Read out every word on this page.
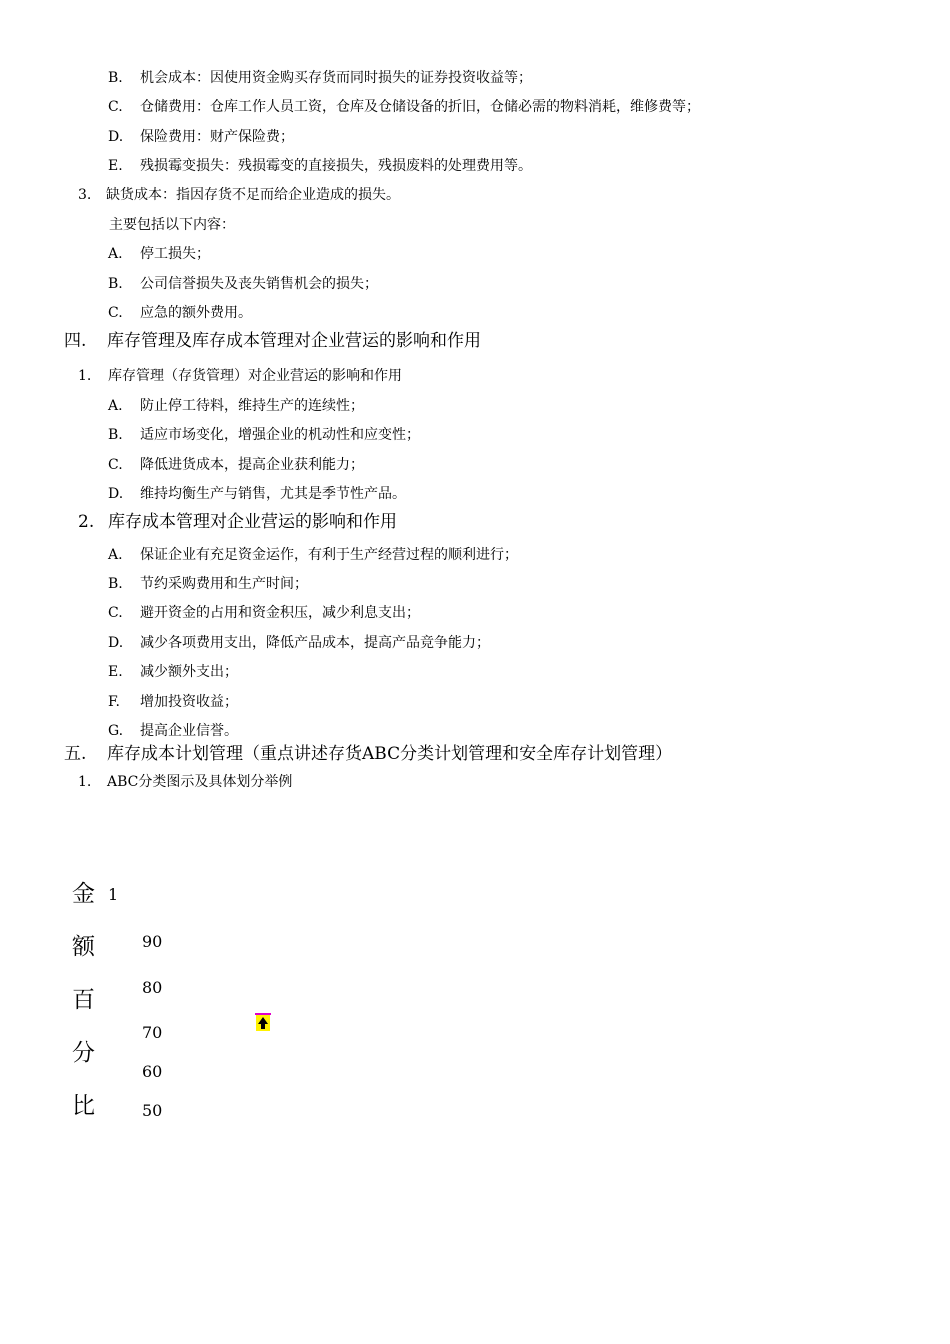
B. 机会成本：因使用资金购买存货而同时损失的证券投资收益等；
C. 仓储费用：仓库工作人员工资，仓库及仓储设备的折旧，仓储必需的物料消耗，维修费等；
D. 保险费用：财产保险费；
E. 残损霉变损失：残损霉变的直接损失，残损废料的处理费用等。
3. 缺货成本：指因存货不足而给企业造成的损失。
主要包括以下内容：
A. 停工损失；
B. 公司信誉损失及丧失销售机会的损失；
C. 应急的额外费用。
四. 库存管理及库存成本管理对企业营运的影响和作用
1. 库存管理（存货管理）对企业营运的影响和作用
A. 防止停工待料，维持生产的连续性；
B. 适应市场变化，增强企业的机动性和应变性；
C. 降低进货成本，提高企业获利能力；
D. 维持均衡生产与销售，尤其是季节性产品。
2. 库存成本管理对企业营运的影响和作用
A. 保证企业有充足资金运作，有利于生产经营过程的顺利进行；
B. 节约采购费用和生产时间；
C. 避开资金的占用和资金积压，减少利息支出；
D. 减少各项费用支出，降低产品成本，提高产品竞争能力；
E. 减少额外支出；
F. 增加投资收益；
G. 提高企业信誉。
五. 库存成本计划管理（重点讲述存货ABC分类计划管理和安全库存计划管理）
1. ABC分类图示及具体划分举例
金
额
百
分
比
1
90
80
70
60
50
